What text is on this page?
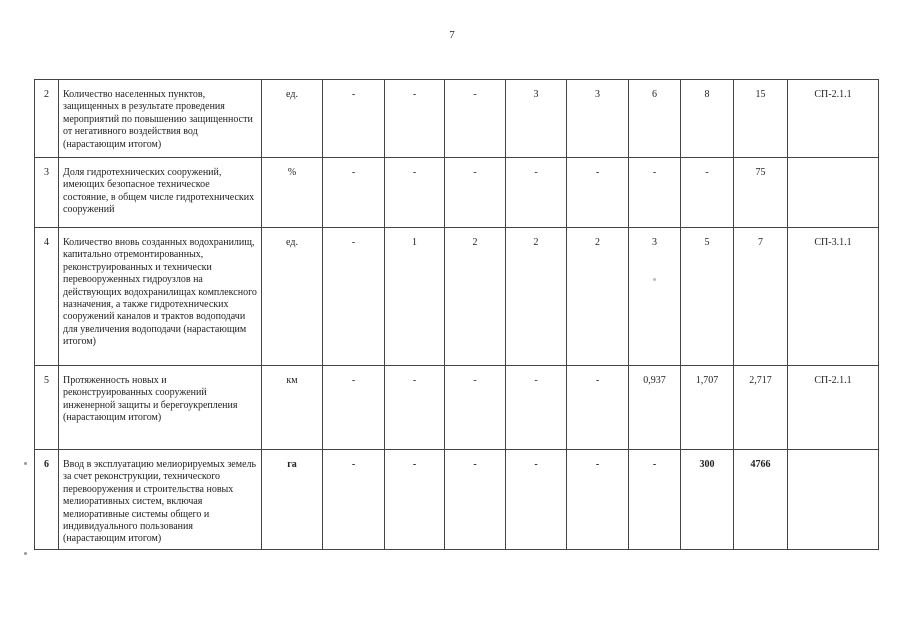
7
2	Количество населенных пунктов, защищенных в результате проведения мероприятий по повышению защищенности от негативного воздействия вод (нарастающим итогом)	ед.	-	-	-	3	3	6	8	15	СП-2.1.1
3	Доля гидротехнических сооружений, имеющих безопасное техническое состояние, в общем числе гидротехнических сооружений	%	-	-	-	-	-	-	-	75	
4	Количество вновь созданных водохранилищ, капитально отремонтированных, реконструированных и технически перевооруженных гидроузлов на действующих водохранилищах комплексного назначения, а также гидротехнических сооружений каналов и трактов водоподачи для увеличения водоподачи (нарастающим итогом)	ед.	-	1	2	2	2	3	5	7	СП-3.1.1
5	Протяженность новых и реконструированных сооружений инженерной защиты и берегоукрепления (нарастающим итогом)	км	-	-	-	-	-	0,937	1,707	2,717	СП-2.1.1
6	Ввод в эксплуатацию мелиорируемых земель за счет реконструкции, технического перевооружения и строительства новых мелиоративных систем, включая мелиоративные системы общего и индивидуального пользования (нарастающим итогом)	га	-	-	-	-	-	-	300	4766	
